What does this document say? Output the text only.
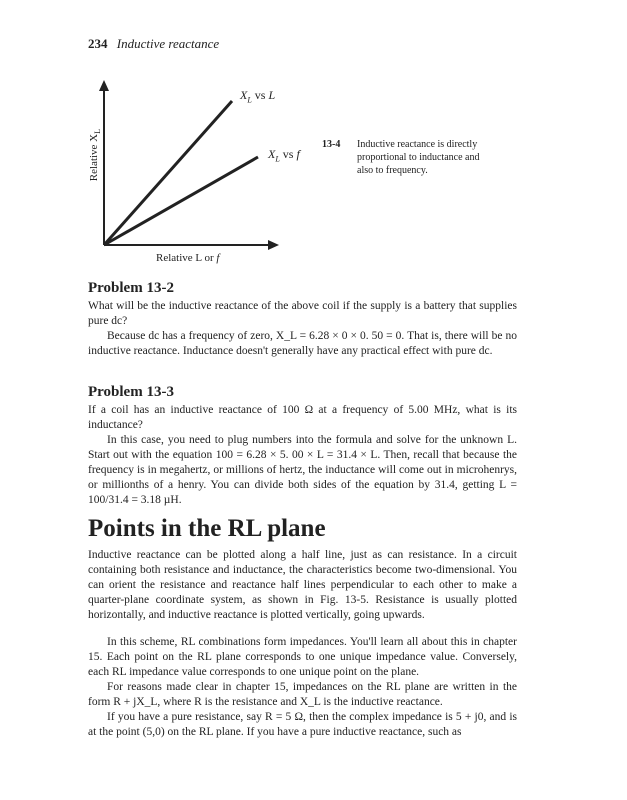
234 Inductive reactance
Relative $X_L$
$X_L$ vs L
$X_L$ vs f
Relative L or f
13-4 Inductive reactance is directly proportional to inductance and also to frequency.
Problem 13-2
What will be the inductive reactance of the above coil if the supply is a battery that supplies pure dc?
Because dc has a frequency of zero, X_L = 6.28 × 0 × 0. 50 = 0. That is, there will be no inductive reactance. Inductance doesn't generally have any practical effect with pure dc.
Problem 13-3
If a coil has an inductive reactance of 100 Ω at a frequency of 5.00 MHz, what is its inductance?
In this case, you need to plug numbers into the formula and solve for the unknown L. Start out with the equation 100 = 6.28 × 5. 00 × L = 31.4 × L. Then, recall that because the frequency is in megahertz, or millions of hertz, the inductance will come out in microhenrys, or millionths of a henry. You can divide both sides of the equation by 31.4, getting L = 100/31.4 = 3.18 µH.
Points in the RL plane
Inductive reactance can be plotted along a half line, just as can resistance. In a circuit containing both resistance and inductance, the characteristics become two-dimensional. You can orient the resistance and reactance half lines perpendicular to each other to make a quarter-plane coordinate system, as shown in Fig. 13-5. Resistance is usually plotted horizontally, and inductive reactance is plotted vertically, going upwards.
In this scheme, RL combinations form impedances. You'll learn all about this in chapter 15. Each point on the RL plane corresponds to one unique impedance value. Conversely, each RL impedance value corresponds to one unique point on the plane.
For reasons made clear in chapter 15, impedances on the RL plane are written in the form R + jX_L, where R is the resistance and X_L is the inductive reactance.
If you have a pure resistance, say R = 5 Ω, then the complex impedance is 5 + j0, and is at the point (5,0) on the RL plane. If you have a pure inductive reactance, such as
